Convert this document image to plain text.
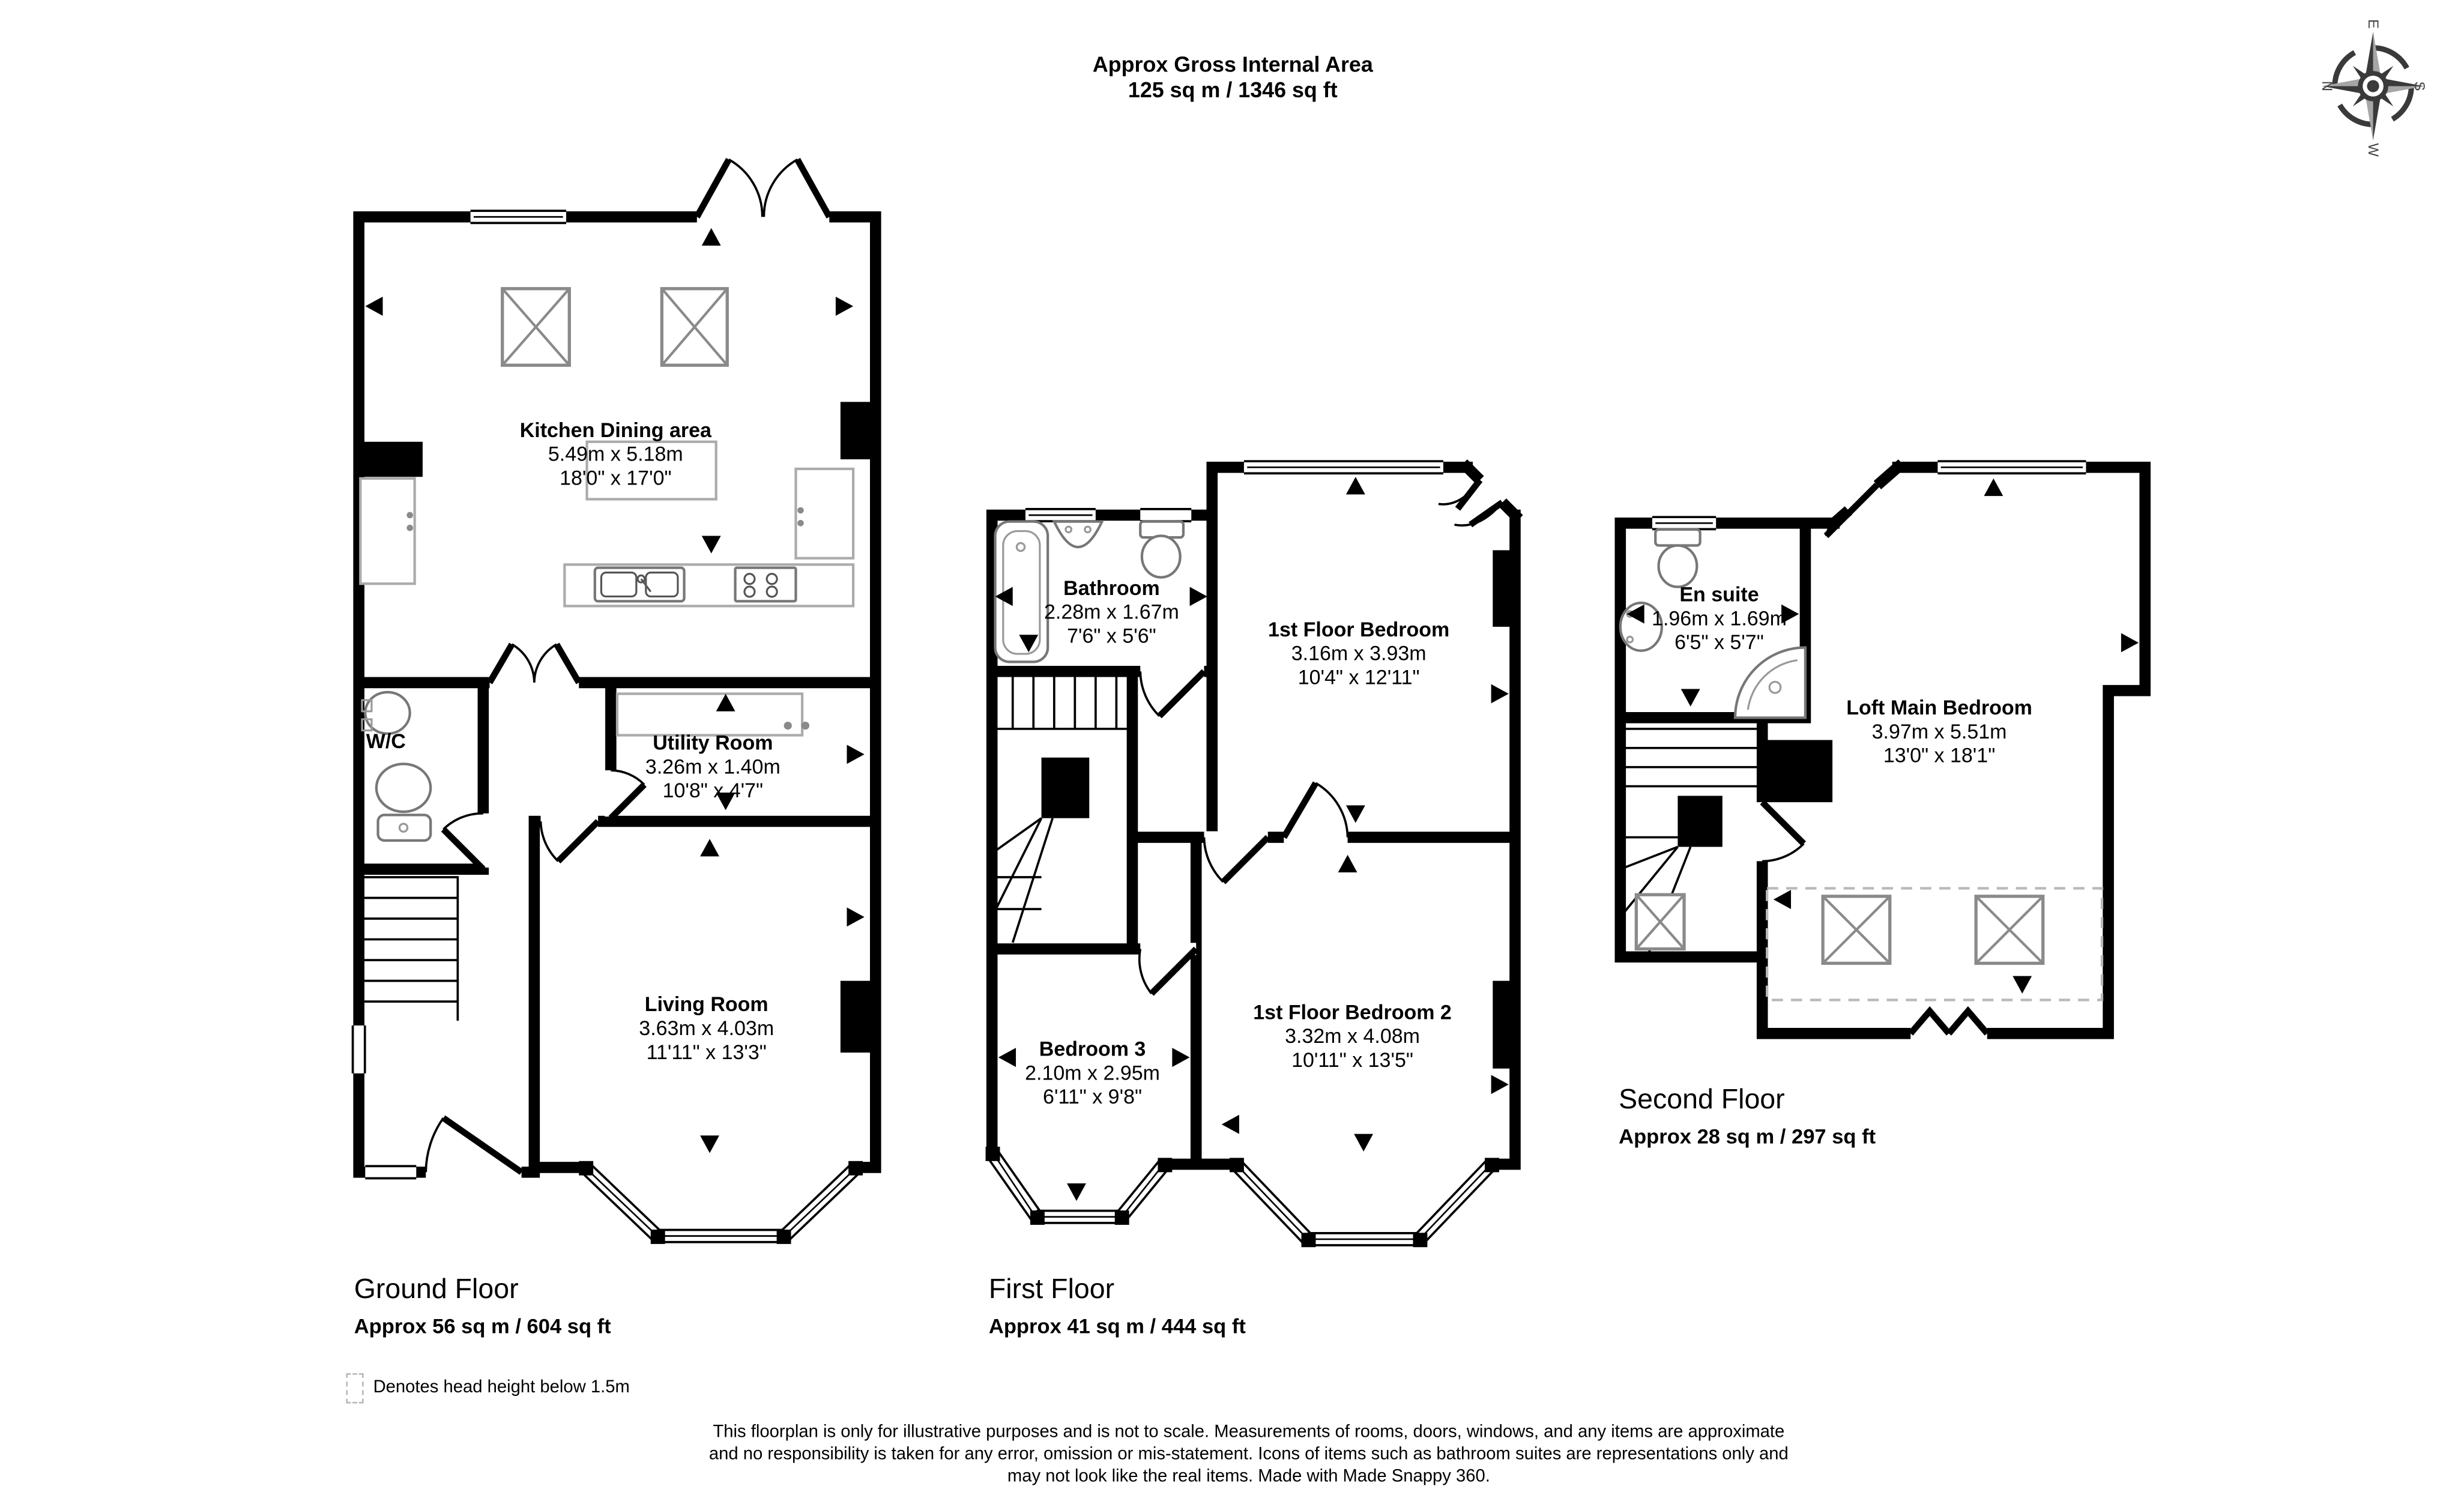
Approx Gross Internal Area
125 sq m / 1346 sq ft
E
S
W
N
Kitchen Dining area
5.49m x 5.18m
18'0" x 17'0"
W/C	Utility Room
3.26m x 1.40m
10'8" x 4'7"
Living Room
3.63m x 4.03m
11'11" x 13'3"
Bathroom
2.28m x 1.67m
7'6" x 5'6"	1st Floor Bedroom
3.16m x 3.93m
10'4" x 12'11"
Bedroom 3
2.10m x 2.95m
6'11" x 9'8"
1st Floor Bedroom 2
3.32m x 4.08m
10'11" x 13'5"
En suite
1.96m x 1.69m
6'5" x 5'7"
Loft Main Bedroom
3.97m x 5.51m
13'0" x 18'1"
Ground Floor
Approx 56 sq m / 604 sq ft
First Floor
Approx 41 sq m / 444 sq ft
Second Floor
Approx 28 sq m / 297 sq ft
Denotes head height below 1.5m
This floorplan is only for illustrative purposes and is not to scale. Measurements of rooms, doors, windows, and any items are approximate
and no responsibility is taken for any error, omission or mis-statement. Icons of items such as bathroom suites are representations only and
may not look like the real items. Made with Made Snappy 360.
